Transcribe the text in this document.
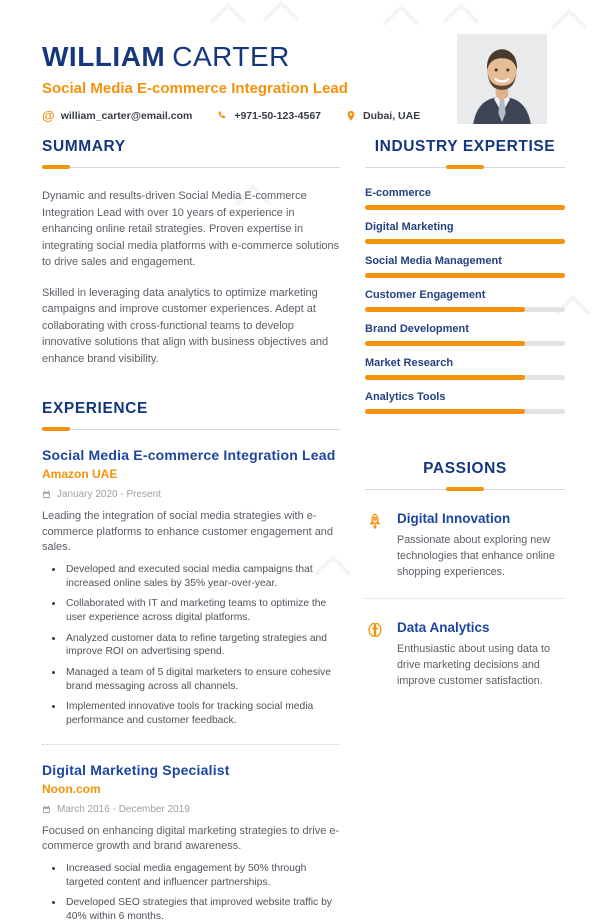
WILLIAM CARTER
Social Media E-commerce Integration Lead
@ william_carter@email.com	+971-50-123-4567	Dubai, UAE
SUMMARY

Dynamic and results-driven Social Media E-commerce Integration Lead with over 10 years of experience in enhancing online retail strategies. Proven expertise in integrating social media platforms with e-commerce solutions to drive sales and engagement.

Skilled in leveraging data analytics to optimize marketing campaigns and improve customer experiences. Adept at collaborating with cross-functional teams to develop innovative solutions that align with business objectives and enhance brand visibility.

EXPERIENCE
Social Media E-commerce Integration Lead
Amazon UAE
January 2020 - Present

Leading the integration of social media strategies with e-commerce platforms to enhance customer engagement and sales.

• Developed and executed social media campaigns that increased online sales by 35% year-over-year.
• Collaborated with IT and marketing teams to optimize the user experience across digital platforms.
• Analyzed customer data to refine targeting strategies and improve ROI on advertising spend.
• Managed a team of 5 digital marketers to ensure cohesive brand messaging across all channels.
• Implemented innovative tools for tracking social media performance and customer feedback.
Digital Marketing Specialist
Noon.com
March 2016 - December 2019

Focused on enhancing digital marketing strategies to drive e-commerce growth and brand awareness.

• Increased social media engagement by 50% through targeted content and influencer partnerships.
• Developed SEO strategies that improved website traffic by 40% within 6 months.
INDUSTRY EXPERTISE
E-commerce
Digital Marketing
Social Media Management
Customer Engagement
Brand Development
Market Research
Analytics Tools
PASSIONS
Digital Innovation

Passionate about exploring new technologies that enhance online shopping experiences.

Data Analytics

Enthusiastic about using data to drive marketing decisions and improve customer satisfaction.
